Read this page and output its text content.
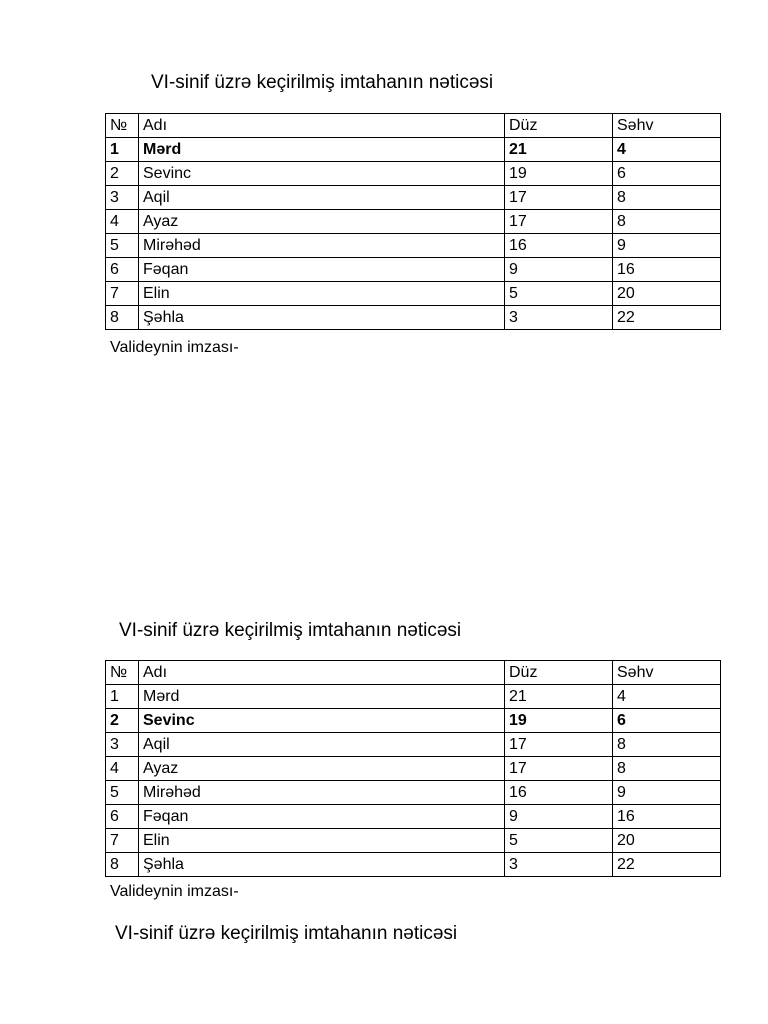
VI-sinif üzrə keçirilmiş imtahanın nəticəsi
№	Adı	Düz	Səhv
1	Mərd	21	4
2	Sevinc	19	6
3	Aqil	17	8
4	Ayaz	17	8
5	Mirəhəd	16	9
6	Fəqan	9	16
7	Elin	5	20
8	Şəhla	3	22
Valideynin imzası-
VI-sinif üzrə keçirilmiş imtahanın nəticəsi
№	Adı	Düz	Səhv
1	Mərd	21	4
2	Sevinc	19	6
3	Aqil	17	8
4	Ayaz	17	8
5	Mirəhəd	16	9
6	Fəqan	9	16
7	Elin	5	20
8	Şəhla	3	22
Valideynin imzası-
VI-sinif üzrə keçirilmiş imtahanın nəticəsi
